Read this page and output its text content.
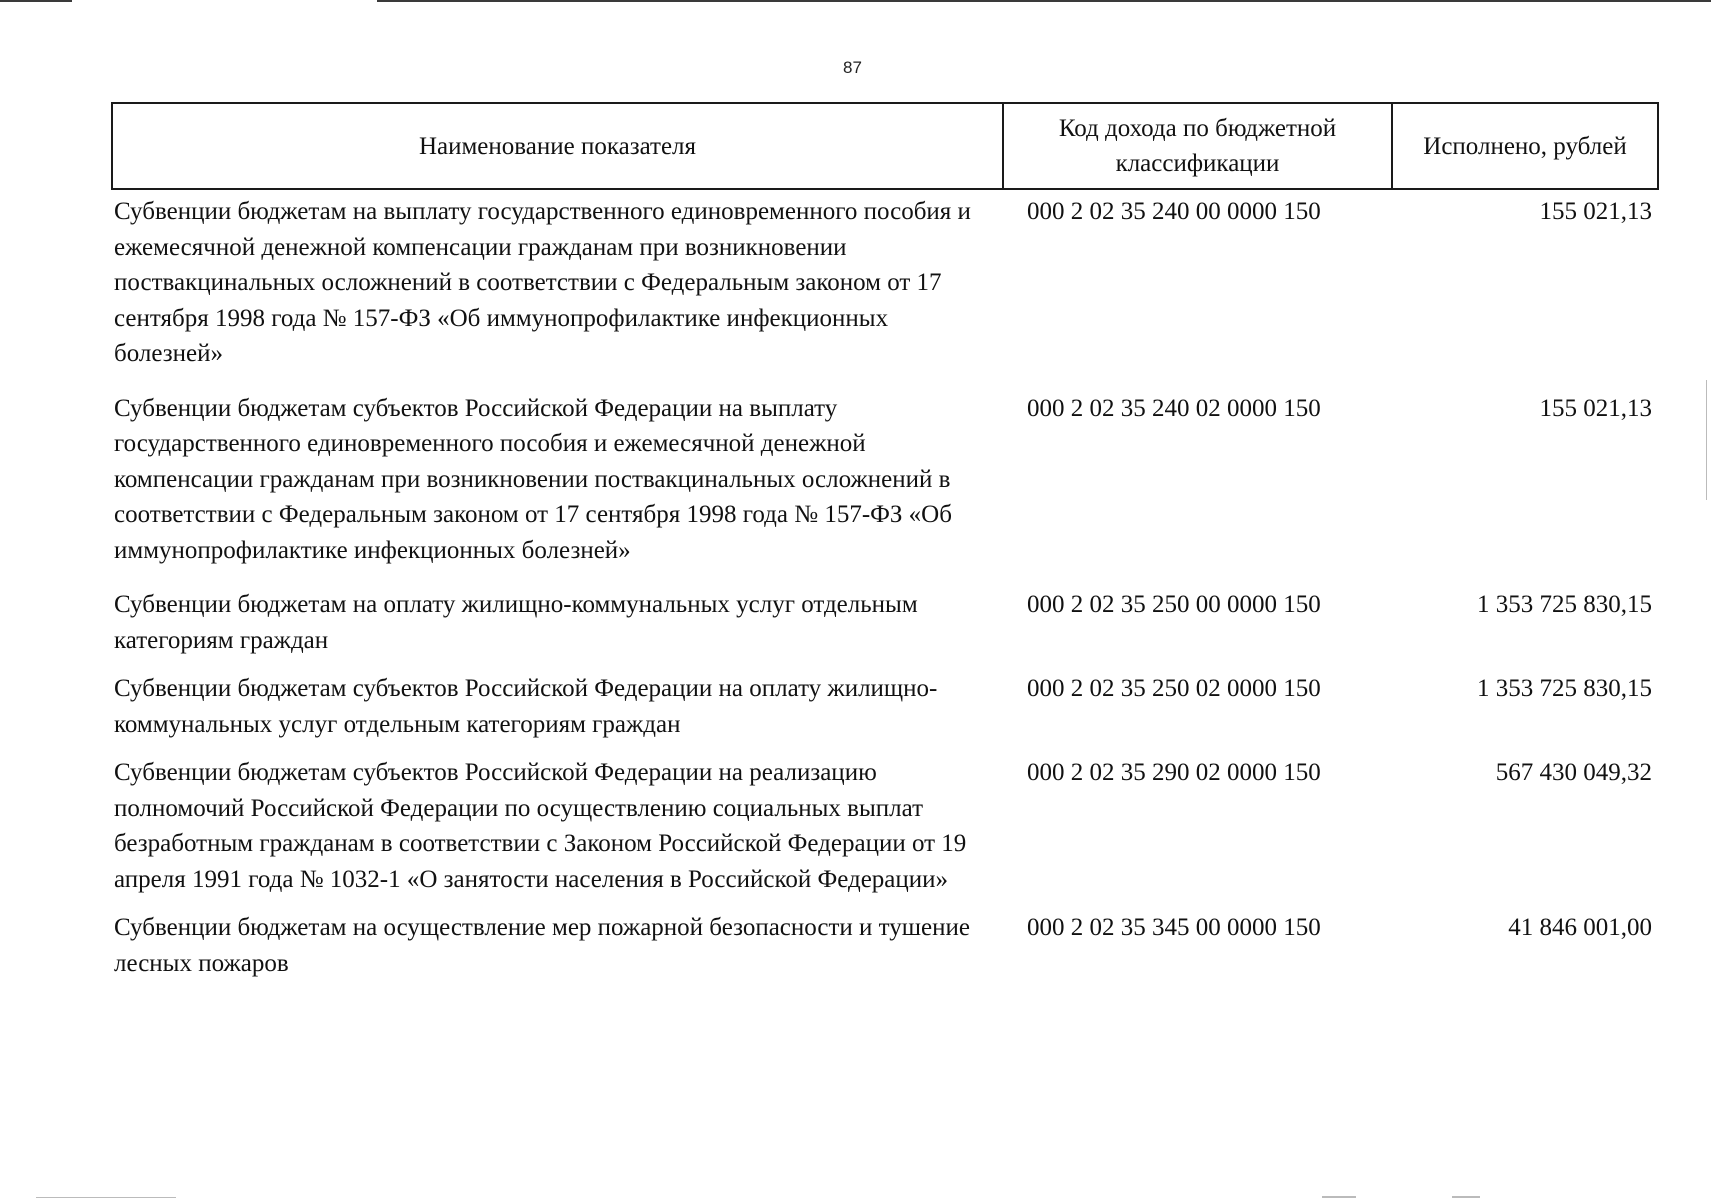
87
Наименование показателя	Код дохода по бюджетной классификации	Исполнено, рублей
Субвенции бюджетам на выплату государственного единовременного пособия и ежемесячной денежной компенсации гражданам при возникновении поствакцинальных осложнений в соответствии с Федеральным законом от 17 сентября 1998 года № 157-ФЗ «Об иммунопрофилактике инфекционных болезней»	000 2 02 35 240 00 0000 150	155 021,13
Субвенции бюджетам субъектов Российской Федерации на выплату государственного единовременного пособия и ежемесячной денежной компенсации гражданам при возникновении поствакцинальных осложнений в соответствии с Федеральным законом от 17 сентября 1998 года № 157-ФЗ «Об иммунопрофилактике инфекционных болезней»	000 2 02 35 240 02 0000 150	155 021,13
Субвенции бюджетам на оплату жилищно-коммунальных услуг отдельным категориям граждан	000 2 02 35 250 00 0000 150	1 353 725 830,15
Субвенции бюджетам субъектов Российской Федерации на оплату жилищно-коммунальных услуг отдельным категориям граждан	000 2 02 35 250 02 0000 150	1 353 725 830,15
Субвенции бюджетам субъектов Российской Федерации на реализацию полномочий Российской Федерации по осуществлению социальных выплат безработным гражданам в соответствии с Законом Российской Федерации от 19 апреля 1991 года № 1032-1 «О занятости населения в Российской Федерации»	000 2 02 35 290 02 0000 150	567 430 049,32
Субвенции бюджетам на осуществление мер пожарной безопасности и тушение лесных пожаров	000 2 02 35 345 00 0000 150	41 846 001,00
